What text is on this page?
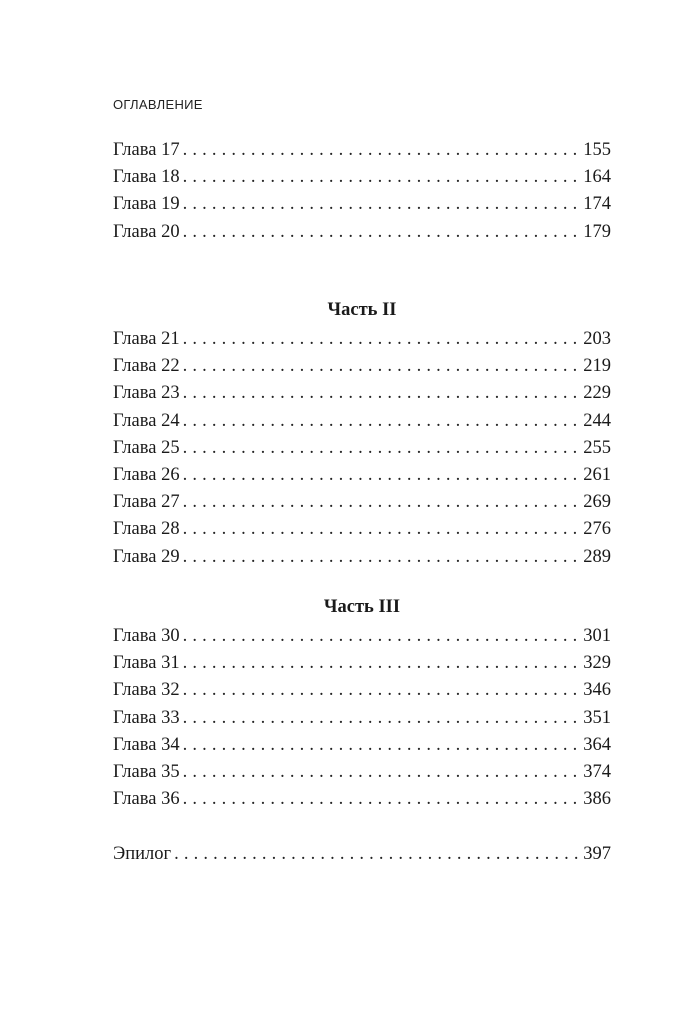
ОГЛАВЛЕНИЕ
Глава 17 . . .	155
Глава 18 . . .	164
Глава 19 . . .	174
Глава 20 . . .	179
Часть II
Глава 21 . . .	203
Глава 22 . . .	219
Глава 23 . . .	229
Глава 24 . . .	244
Глава 25 . . .	255
Глава 26 . . .	261
Глава 27 . . .	269
Глава 28 . . .	276
Глава 29 . . .	289
Часть III
Глава 30 . . .	301
Глава 31 . . .	329
Глава 32 . . .	346
Глава 33 . . .	351
Глава 34 . . .	364
Глава 35 . . .	374
Глава 36 . . .	386
Эпилог . . .	397
